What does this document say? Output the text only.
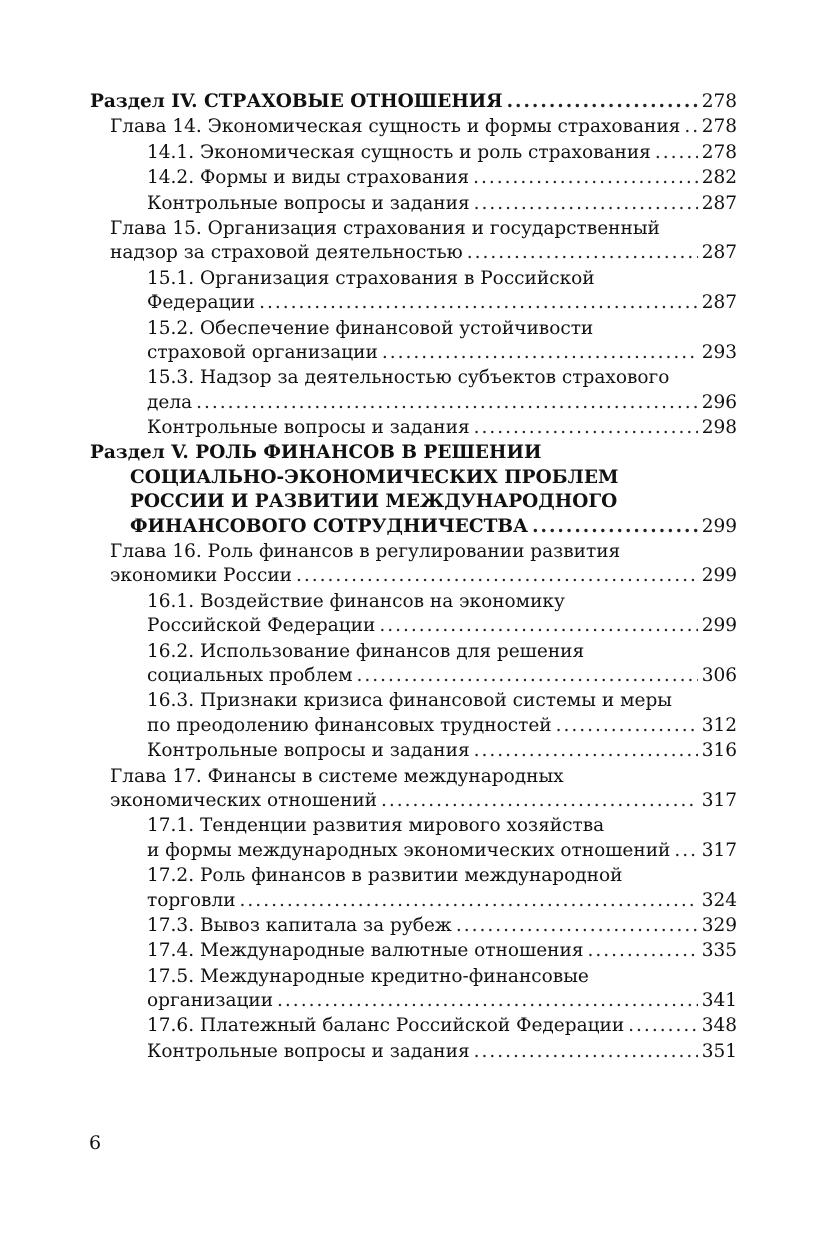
Раздел IV. СТРАХОВЫЕ ОТНОШЕНИЯ .....	278
Глава 14. Экономическая сущность и формы страхования ..... 278
14.1. Экономическая сущность и роль страхования .....	278
14.2. Формы и виды страхования .....	282
Контрольные вопросы и задания .....	287
Глава 15. Организация страхования и государственный
надзор за страховой деятельностью .....	287
15.1. Организация страхования в Российской
Федерации .....	287
15.2. Обеспечение финансовой устойчивости
страховой организации .....	293
15.3. Надзор за деятельностью субъектов страхового
дела .....	296
Контрольные вопросы и задания .....	298
Раздел V. РОЛЬ ФИНАНСОВ В РЕШЕНИИ
СОЦИАЛЬНО-ЭКОНОМИЧЕСКИХ ПРОБЛЕМ
РОССИИ И РАЗВИТИИ МЕЖДУНАРОДНОГО
ФИНАНСОВОГО СОТРУДНИЧЕСТВА .....	299
Глава 16. Роль финансов в регулировании развития
экономики России .....	299
16.1. Воздействие финансов на экономику
Российской Федерации .....	299
16.2. Использование финансов для решения
социальных проблем .....	306
16.3. Признаки кризиса финансовой системы и меры
по преодолению финансовых трудностей .....	312
Контрольные вопросы и задания .....	316
Глава 17. Финансы в системе международных
экономических отношений .....	317
17.1. Тенденции развития мирового хозяйства
и формы международных экономических отношений ..... 317
17.2. Роль финансов в развитии международной
торговли .....	324
17.3. Вывоз капитала за рубеж .....	329
17.4. Международные валютные отношения .....	335
17.5. Международные кредитно-финансовые
организации .....	341
17.6. Платежный баланс Российской Федерации .....	348
Контрольные вопросы и задания .....	351
6
